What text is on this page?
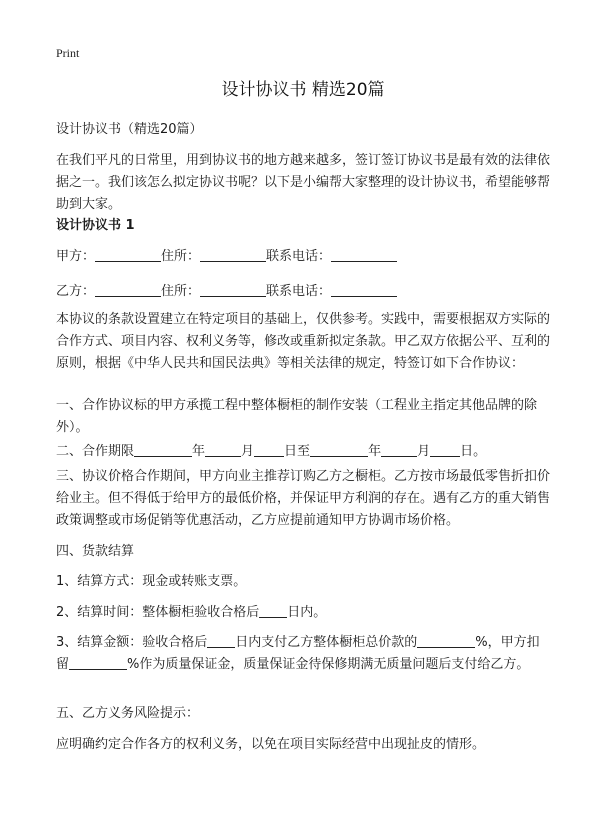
Print
设计协议书 精选20篇
设计协议书（精选20篇）

在我们平凡的日常里，用到协议书的地方越来越多，签订签订协议书是最有效的法律依据之一。我们该怎么拟定协议书呢？以下是小编帮大家整理的设计协议书，希望能够帮助到大家。

设计协议书 1
甲方：	住所：	联系电话：
乙方：	住所：	联系电话：

本协议的条款设置建立在特定项目的基础上，仅供参考。实践中，需要根据双方实际的合作方式、项目内容、权利义务等，修改或重新拟定条款。甲乙双方依据公平、互利的原则，根据《中华人民共和国民法典》等相关法律的规定，特签订如下合作协议：

一、合作协议标的甲方承揽工程中整体橱柜的制作安装（工程业主指定其他品牌的除外）。

二、合作期限	年	月 日至	年	月 日。

三、协议价格合作期间，甲方向业主推荐订购乙方之橱柜。乙方按市场最低零售折扣价给业主。但不得低于给甲方的最低价格，并保证甲方利润的存在。遇有乙方的重大销售政策调整或市场促销等优惠活动，乙方应提前通知甲方协调市场价格。

四、货款结算
1、结算方式：现金或转账支票。
2、结算时间：整体橱柜验收合格后 日内。

3、结算金额：验收合格后 日内支付乙方整体橱柜总价款的	%，甲方扣留	%作为质量保证金，质量保证金待保修期满无质量问题后支付给乙方。

五、乙方义务风险提示：
应明确约定合作各方的权利义务，以免在项目实际经营中出现扯皮的情形。
